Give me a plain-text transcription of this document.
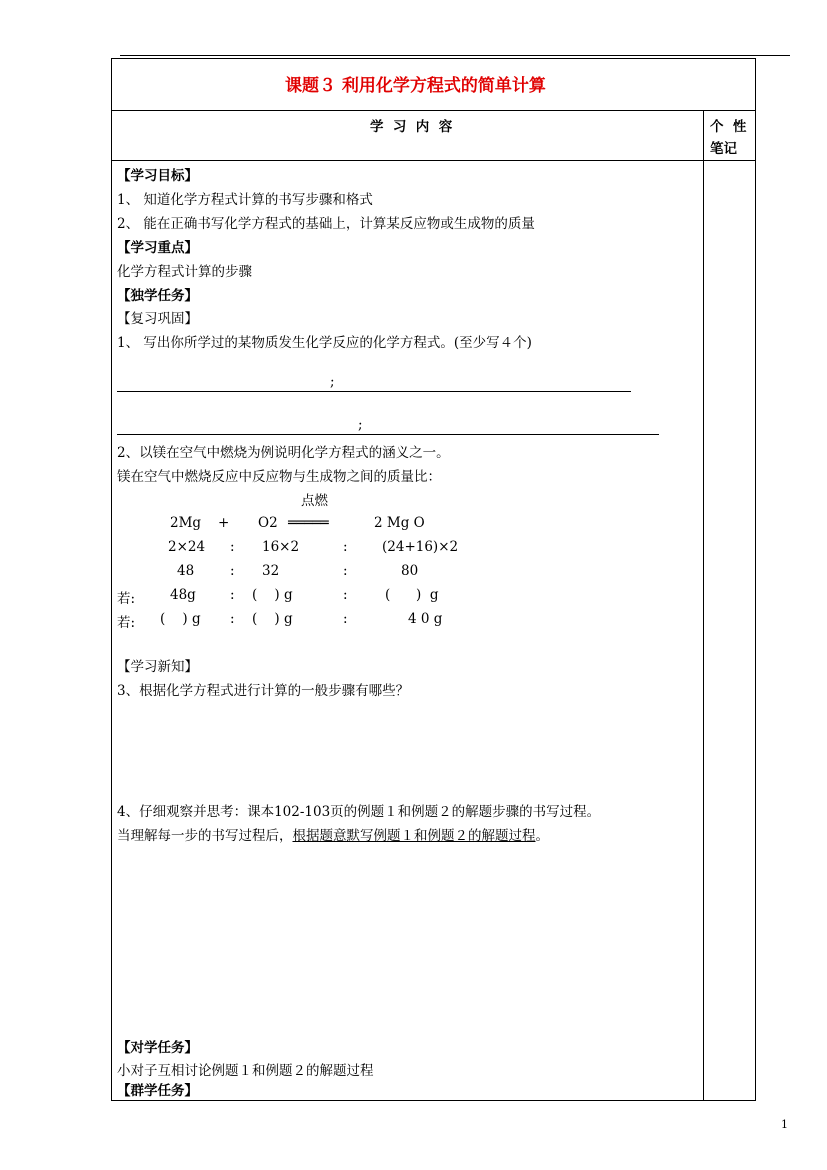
课题３ 利用化学方程式的简单计算
学  习  内  容	个  性
笔记
【学习目标】
1、 知道化学方程式计算的书写步骤和格式
2、 能在正确书写化学方程式的基础上，计算某反应物或生成物的质量
【学习重点】
化学方程式计算的步骤
【独学任务】
【复习巩固】
1、 写出你所学过的某物质发生化学反应的化学方程式。(至少写４个)
;
;
2、以镁在空气中燃烧为例说明化学方程式的涵义之一。
镁在空气中燃烧反应中反应物与生成物之间的质量比：
点燃
2Mg + O2 ═════	2 Mg O
2×24 : 16×2	:	(24+16)×2
48	: 32	:	80
若:	48g	: (    ) g	:	(      )  g
若: (    ) g : (    ) g	:	4 0 g
【学习新知】
3、根据化学方程式进行计算的一般步骤有哪些？
4、仔细观察并思考：课本102-103页的例题１和例题２的解题步骤的书写过程。
当理解每一步的书写过程后，根据题意默写例题１和例题２的解题过程。
【对学任务】
小对子互相讨论例题１和例题２的解题过程
【群学任务】
1
